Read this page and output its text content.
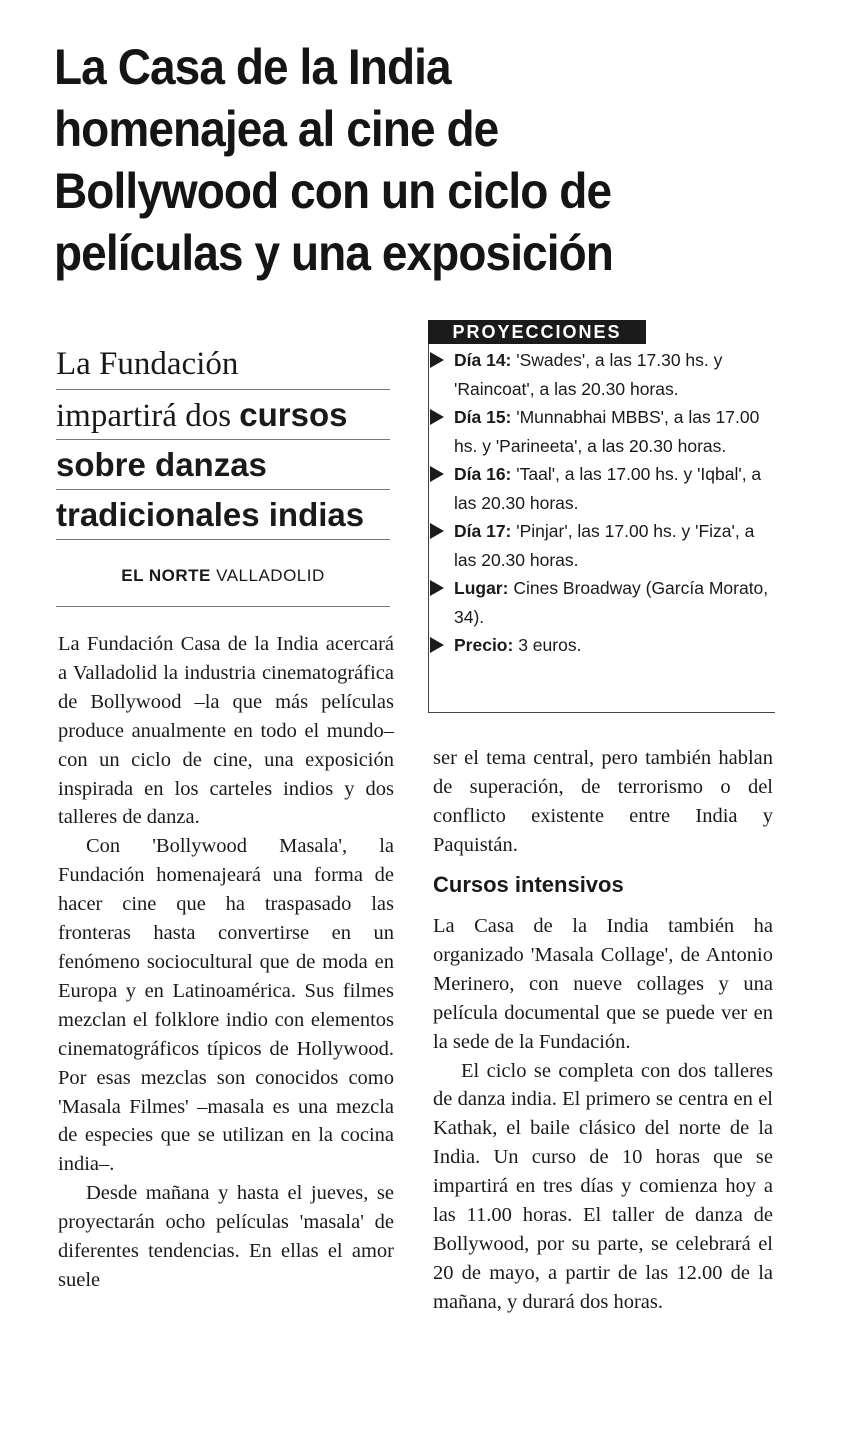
La Casa de la India
homenajea al cine de
Bollywood con un ciclo de
películas y una exposición
La Fundación
impartirá dos cursos
sobre danzas
tradicionales indias
EL NORTE VALLADOLID
PROYECCIONES
Día 14: 'Swades', a las 17.30 hs. y 'Raincoat', a las 20.30 horas.
Día 15: 'Munnabhai MBBS', a las 17.00 hs. y 'Parineeta', a las 20.30 horas.
Día 16: 'Taal', a las 17.00 hs. y 'Iqbal', a las 20.30 horas.
Día 17: 'Pinjar', las 17.00 hs. y 'Fiza', a las 20.30 horas.
Lugar: Cines Broadway (García Morato, 34).
Precio: 3 euros.

La Fundación Casa de la India acercará a Valladolid la industria cinematográfica de Bollywood –la que más películas produce anualmente en todo el mundo– con un ciclo de cine, una exposición inspirada en los carteles indios y dos talleres de danza.

Con 'Bollywood Masala', la Fundación homenajeará una forma de hacer cine que ha traspasado las fronteras hasta convertirse en un fenómeno sociocultural que de moda en Europa y en Latinoamérica. Sus filmes mezclan el folklore indio con elementos cinematográficos típicos de Hollywood. Por esas mezclas son conocidos como 'Masala Filmes' –masala es una mezcla de especies que se utilizan en la cocina india–.

Desde mañana y hasta el jueves, se proyectarán ocho películas 'masala' de diferentes tendencias. En ellas el amor suele

ser el tema central, pero también hablan de superación, de terrorismo o del conflicto existente entre India y Paquistán.

Cursos intensivos

La Casa de la India también ha organizado 'Masala Collage', de Antonio Merinero, con nueve collages y una película documental que se puede ver en la sede de la Fundación.

El ciclo se completa con dos talleres de danza india. El primero se centra en el Kathak, el baile clásico del norte de la India. Un curso de 10 horas que se impartirá en tres días y comienza hoy a las 11.00 horas. El taller de danza de Bollywood, por su parte, se celebrará el 20 de mayo, a partir de las 12.00 de la mañana, y durará dos horas.
